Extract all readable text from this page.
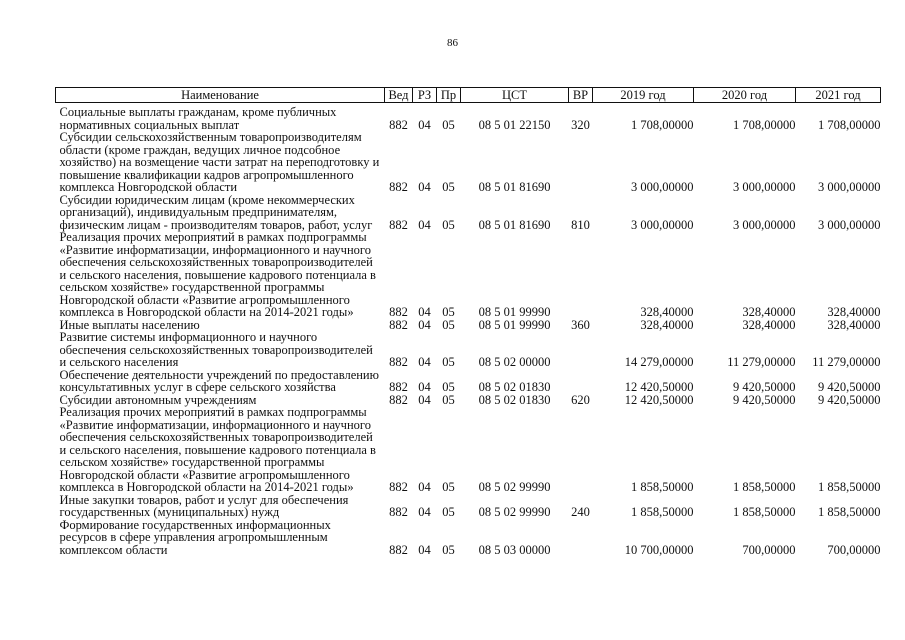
86
Наименование	Вед	РЗ	Пр	ЦСТ	ВР	2019 год	2020 год	2021 год
Социальные выплаты гражданам, кроме публичных нормативных социальных выплат	882	04	05	08 5 01 22150	320	1 708,00000	1 708,00000	1 708,00000
Субсидии сельскохозяйственным товаропроизводителям области (кроме граждан, ведущих личное подсобное хозяйство) на возмещение части затрат на переподготовку и повышение квалификации кадров агропромышленного комплекса Новгородской области	882	04	05	08 5 01 81690		3 000,00000	3 000,00000	3 000,00000
Субсидии юридическим лицам (кроме некоммерческих организаций), индивидуальным предпринимателям, физическим лицам - производителям товаров, работ, услуг	882	04	05	08 5 01 81690	810	3 000,00000	3 000,00000	3 000,00000
Реализация прочих мероприятий в рамках подпрограммы «Развитие информатизации, информационного и научного обеспечения сельскохозяйственных товаропроизводителей и сельского населения, повышение кадрового потенциала в сельском хозяйстве» государственной программы Новгородской области «Развитие агропромышленного комплекса в Новгородской области на 2014-2021 годы»	882	04	05	08 5 01 99990		328,40000	328,40000	328,40000
Иные выплаты населению	882	04	05	08 5 01 99990	360	328,40000	328,40000	328,40000
Развитие системы информационного и научного обеспечения сельскохозяйственных товаропроизводителей и сельского населения	882	04	05	08 5 02 00000		14 279,00000	11 279,00000	11 279,00000
Обеспечение деятельности учреждений по предоставлению консультативных услуг в сфере сельского хозяйства	882	04	05	08 5 02 01830		12 420,50000	9 420,50000	9 420,50000
Субсидии автономным учреждениям	882	04	05	08 5 02 01830	620	12 420,50000	9 420,50000	9 420,50000
Реализация прочих мероприятий в рамках подпрограммы «Развитие информатизации, информационного и научного обеспечения сельскохозяйственных товаропроизводителей и сельского населения, повышение кадрового потенциала в сельском хозяйстве» государственной программы Новгородской области «Развитие агропромышленного комплекса в Новгородской области на 2014-2021 годы»	882	04	05	08 5 02 99990		1 858,50000	1 858,50000	1 858,50000
Иные закупки товаров, работ и услуг для обеспечения государственных (муниципальных) нужд	882	04	05	08 5 02 99990	240	1 858,50000	1 858,50000	1 858,50000
Формирование государственных информационных ресурсов в сфере управления агропромышленным комплексом области	882	04	05	08 5 03 00000		10 700,00000	700,00000	700,00000
